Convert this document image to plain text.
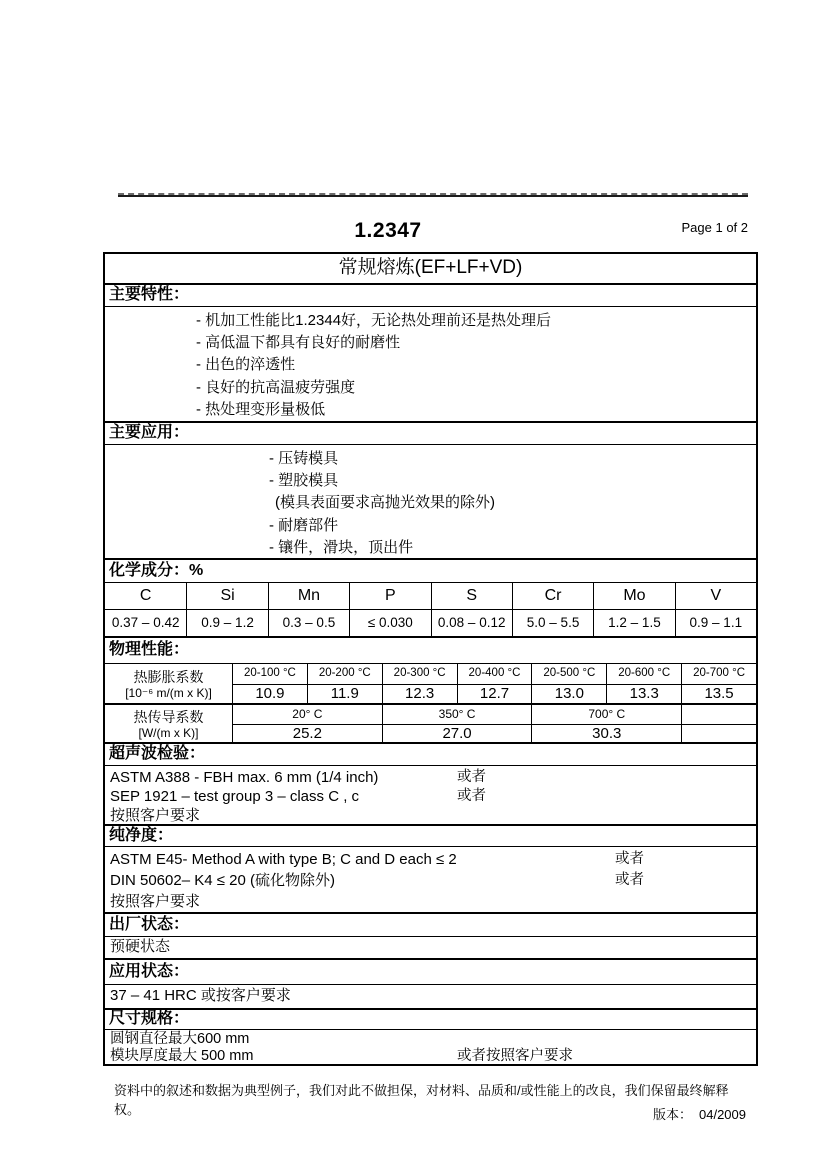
1.2347	Page 1 of 2
常规熔炼(EF+LF+VD)
主要特性：
- 机加工性能比1.2344好，无论热处理前还是热处理后
- 高低温下都具有良好的耐磨性
- 出色的淬透性
- 良好的抗高温疲劳强度
- 热处理变形量极低
主要应用：
- 压铸模具
- 塑胶模具
(模具表面要求高抛光效果的除外)
- 耐磨部件
- 镶件，滑块，顶出件
化学成分：%
C	Si	Mn	P	S	Cr	Mo	V
0.37 – 0.42	0.9 – 1.2	0.3 – 0.5	≤ 0.030	0.08 – 0.12	5.0 – 5.5	1.2 – 1.5	0.9 – 1.1
物理性能：
热膨胀系数
[10⁻⁶ m/(m x K)]
20-100 °C	20-200 °C	20-300 °C	20-400 °C	20-500 °C	20-600 °C	20-700 °C
10.9	11.9	12.3	12.7	13.0	13.3	13.5
热传导系数
[W/(m x K)]
20° C	350° C	700° C
25.2	27.0	30.3
超声波检验：
ASTM A388 - FBH max. 6 mm (1/4 inch)	或者
SEP 1921 – test group 3 – class C , c	或者
按照客户要求
纯净度：
ASTM E45- Method A with type B; C and D each ≤ 2	或者
DIN 50602– K4 ≤ 20 (硫化物除外)	或者
按照客户要求
出厂状态：
预硬状态
应用状态：
37 – 41 HRC 或按客户要求
尺寸规格：
圆钢直径最大600 mm
模块厚度最大 500 mm	或者按照客户要求
资料中的叙述和数据为典型例子，我们对此不做担保，对材料、品质和/或性能上的改良，我们保留最终解释权。	版本： 04/2009
